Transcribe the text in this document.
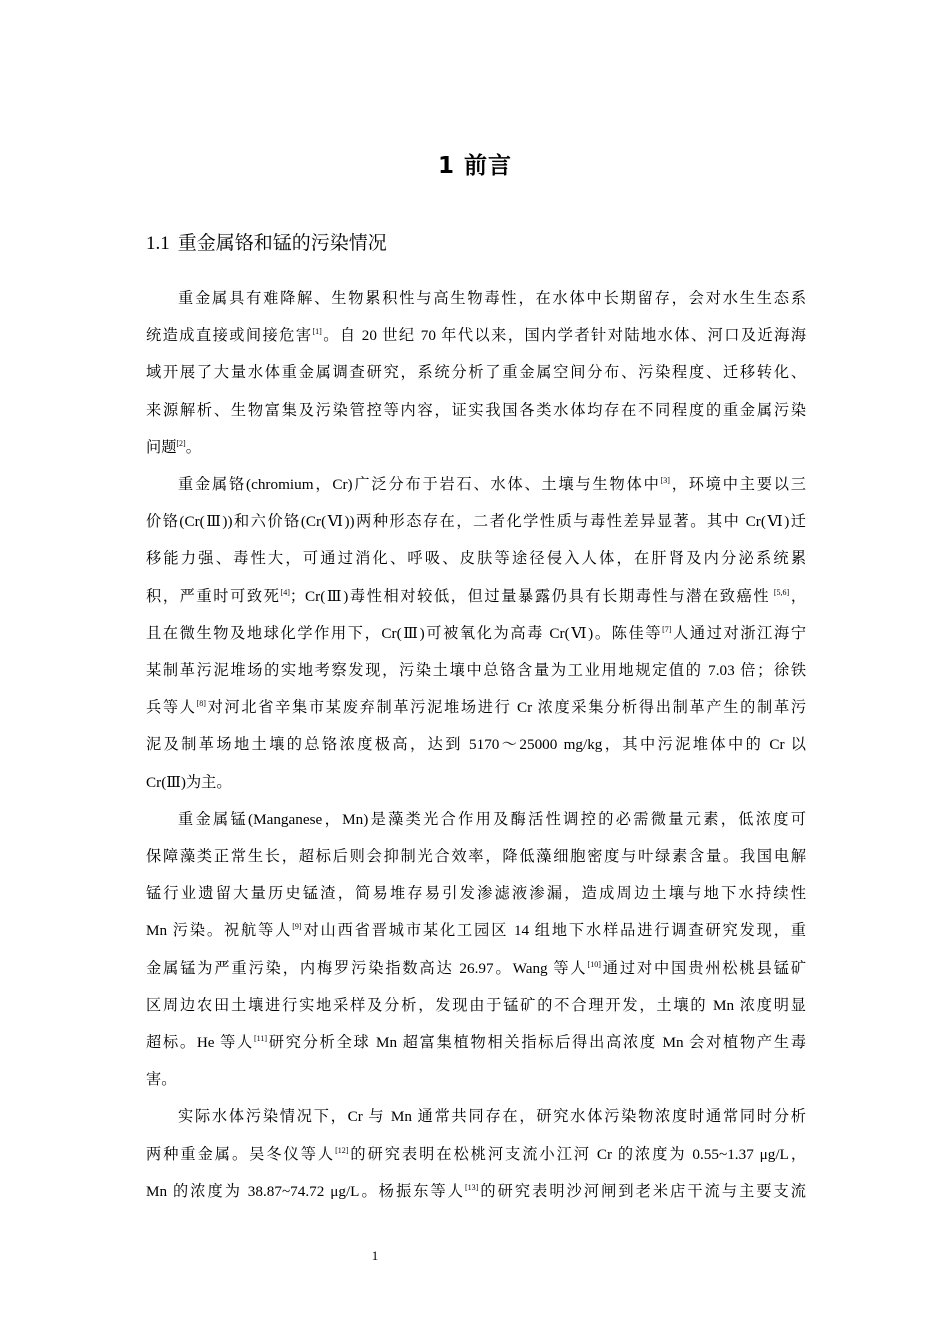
1 前言
1.1 重金属铬和锰的污染情况
重金属具有难降解、生物累积性与高生物毒性，在水体中长期留存，会对水生生态系
统造成直接或间接危害[1]。自 20 世纪 70 年代以来，国内学者针对陆地水体、河口及近海海
域开展了大量水体重金属调查研究，系统分析了重金属空间分布、污染程度、迁移转化、
来源解析、生物富集及污染管控等内容，证实我国各类水体均存在不同程度的重金属污染
问题[2]。
重金属铬(chromium，Cr)广泛分布于岩石、水体、土壤与生物体中[3]，环境中主要以三
价铬(Cr(Ⅲ))和六价铬(Cr(Ⅵ))两种形态存在，二者化学性质与毒性差异显著。其中 Cr(Ⅵ)迁
移能力强、毒性大，可通过消化、呼吸、皮肤等途径侵入人体，在肝肾及内分泌系统累
积，严重时可致死[4]；Cr(Ⅲ)毒性相对较低，但过量暴露仍具有长期毒性与潜在致癌性 [5,6]，
且在微生物及地球化学作用下，Cr(Ⅲ)可被氧化为高毒 Cr(Ⅵ)。陈佳等[7]人通过对浙江海宁
某制革污泥堆场的实地考察发现，污染土壤中总铬含量为工业用地规定值的 7.03 倍；徐铁
兵等人[8]对河北省辛集市某废弃制革污泥堆场进行 Cr 浓度采集分析得出制革产生的制革污
泥及制革场地土壤的总铬浓度极高，达到 5170～25000 mg/kg，其中污泥堆体中的 Cr 以
Cr(Ⅲ)为主。
重金属锰(Manganese，Mn)是藻类光合作用及酶活性调控的必需微量元素，低浓度可
保障藻类正常生长，超标后则会抑制光合效率，降低藻细胞密度与叶绿素含量。我国电解
锰行业遗留大量历史锰渣，简易堆存易引发渗滤液渗漏，造成周边土壤与地下水持续性
Mn 污染。祝航等人[9]对山西省晋城市某化工园区 14 组地下水样品进行调查研究发现，重
金属锰为严重污染，内梅罗污染指数高达 26.97。Wang 等人[10]通过对中国贵州松桃县锰矿
区周边农田土壤进行实地采样及分析，发现由于锰矿的不合理开发，土壤的 Mn 浓度明显
超标。He 等人[11]研究分析全球 Mn 超富集植物相关指标后得出高浓度 Mn 会对植物产生毒
害。
实际水体污染情况下，Cr 与 Mn 通常共同存在，研究水体污染物浓度时通常同时分析
两种重金属。吴冬仪等人[12]的研究表明在松桃河支流小江河 Cr 的浓度为 0.55~1.37 μg/L，
Mn 的浓度为 38.87~74.72 μg/L。杨振东等人[13]的研究表明沙河闸到老米店干流与主要支流
1
